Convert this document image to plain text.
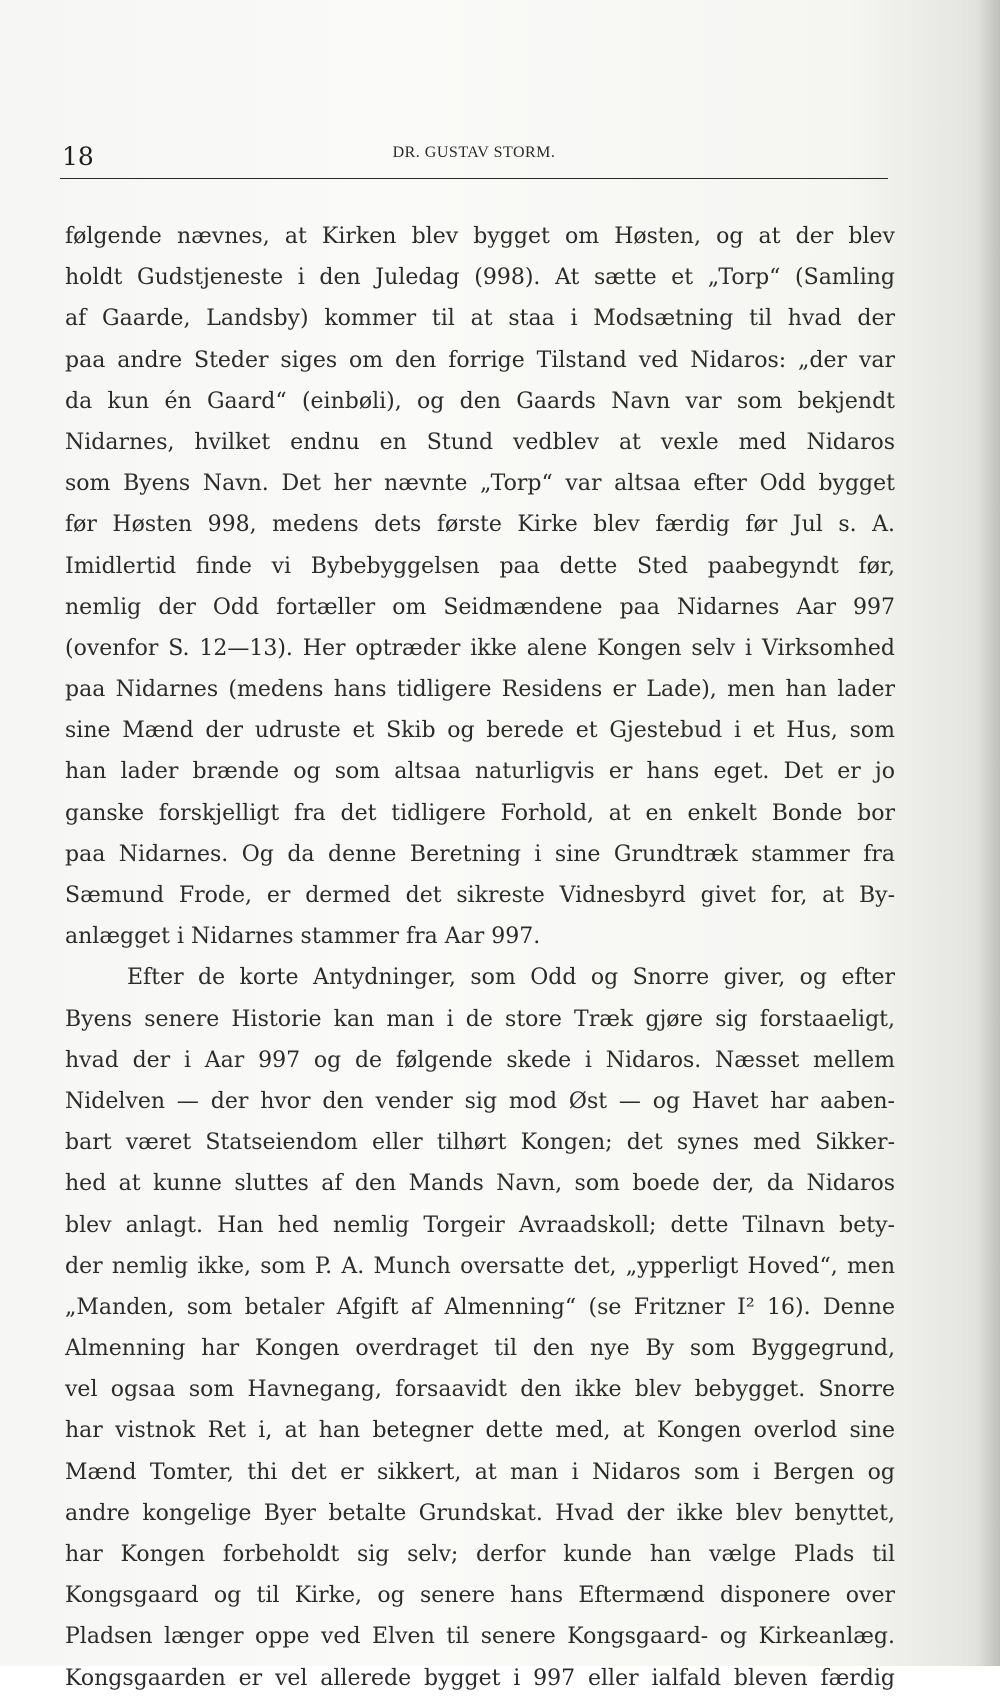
18	DR. GUSTAV STORM.
følgende nævnes, at Kirken blev bygget om Høsten, og at der blev
holdt Gudstjeneste i den Juledag (998). At sætte et „Torp“ (Samling
af Gaarde, Landsby) kommer til at staa i Modsætning til hvad der
paa andre Steder siges om den forrige Tilstand ved Nidaros: „der var
da kun én Gaard“ (einbøli), og den Gaards Navn var som bekjendt
Nidarnes, hvilket endnu en Stund vedblev at vexle med Nidaros
som Byens Navn. Det her nævnte „Torp“ var altsaa efter Odd bygget
før Høsten 998, medens dets første Kirke blev færdig før Jul s. A.
Imidlertid finde vi Bybebyggelsen paa dette Sted paabegyndt før,
nemlig der Odd fortæller om Seidmændene paa Nidarnes Aar 997
(ovenfor S. 12—13). Her optræder ikke alene Kongen selv i Virksomhed
paa Nidarnes (medens hans tidligere Residens er Lade), men han lader
sine Mænd der udruste et Skib og berede et Gjestebud i et Hus, som
han lader brænde og som altsaa naturligvis er hans eget. Det er jo
ganske forskjelligt fra det tidligere Forhold, at en enkelt Bonde bor
paa Nidarnes. Og da denne Beretning i sine Grundtræk stammer fra
Sæmund Frode, er dermed det sikreste Vidnesbyrd givet for, at By-
anlægget i Nidarnes stammer fra Aar 997.
Efter de korte Antydninger, som Odd og Snorre giver, og efter
Byens senere Historie kan man i de store Træk gjøre sig forstaaeligt,
hvad der i Aar 997 og de følgende skede i Nidaros. Næsset mellem
Nidelven — der hvor den vender sig mod Øst — og Havet har aaben-
bart været Statseiendom eller tilhørt Kongen; det synes med Sikker-
hed at kunne sluttes af den Mands Navn, som boede der, da Nidaros
blev anlagt. Han hed nemlig Torgeir Avraadskoll; dette Tilnavn bety-
der nemlig ikke, som P. A. Munch oversatte det, „ypperligt Hoved“, men
„Manden, som betaler Afgift af Almenning“ (se Fritzner I² 16). Denne
Almenning har Kongen overdraget til den nye By som Byggegrund,
vel ogsaa som Havnegang, forsaavidt den ikke blev bebygget. Snorre
har vistnok Ret i, at han betegner dette med, at Kongen overlod sine
Mænd Tomter, thi det er sikkert, at man i Nidaros som i Bergen og
andre kongelige Byer betalte Grundskat. Hvad der ikke blev benyttet,
har Kongen forbeholdt sig selv; derfor kunde han vælge Plads til
Kongsgaard og til Kirke, og senere hans Eftermænd disponere over
Pladsen længer oppe ved Elven til senere Kongsgaard- og Kirkeanlæg.
Kongsgaarden er vel allerede bygget i 997 eller ialfald bleven færdig
